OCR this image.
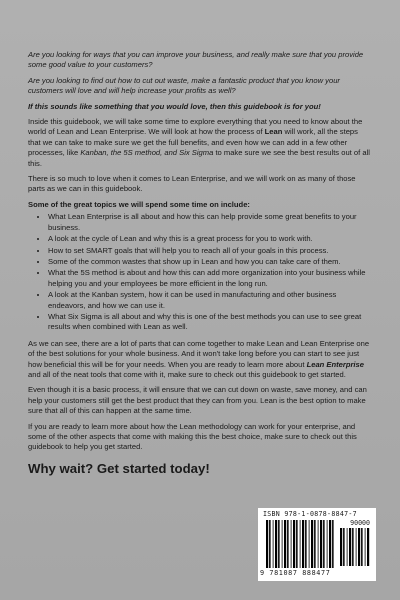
Are you looking for ways that you can improve your business, and really make sure that you provide some good value to your customers?

Are you looking to find out how to cut out waste, make a fantastic product that you know your customers will love and will help increase your profits as well?

If this sounds like something that you would love, then this guidebook is for you!

Inside this guidebook, we will take some time to explore everything that you need to know about the world of Lean and Lean Enterprise. We will look at how the process of Lean will work, all the steps that we can take to make sure we get the full benefits, and even how we can add in a few other processes, like Kanban, the 5S method, and Six Sigma to make sure we see the best results out of all this.

There is so much to love when it comes to Lean Enterprise, and we will work on as many of those parts as we can in this guidebook.

Some of the great topics we will spend some time on include:

• What Lean Enterprise is all about and how this can help provide some great benefits to your business.
• A look at the cycle of Lean and why this is a great process for you to work with.
• How to set SMART goals that will help you to reach all of your goals in this process.
• Some of the common wastes that show up in Lean and how you can take care of them.
• What the 5S method is about and how this can add more organization into your business while helping you and your employees be more efficient in the long run.
• A look at the Kanban system, how it can be used in manufacturing and other business endeavors, and how we can use it.
• What Six Sigma is all about and why this is one of the best methods you can use to see great results when combined with Lean as well.

As we can see, there are a lot of parts that can come together to make Lean and Lean Enterprise one of the best solutions for your whole business. And it won't take long before you can start to see just how beneficial this will be for your needs. When you are ready to learn more about Lean Enterprise and all of the neat tools that come with it, make sure to check out this guidebook to get started.

Even though it is a basic process, it will ensure that we can cut down on waste, save money, and can help your customers still get the best product that they can from you. Lean is the best option to make sure that all of this can happen at the same time.

If you are ready to learn more about how the Lean methodology can work for your enterprise, and some of the other aspects that come with making this the best choice, make sure to check out this guidebook to help you get started.

Why wait? Get started today!
ISBN 978-1-0878-8847-7
90000
9 781087 888477
